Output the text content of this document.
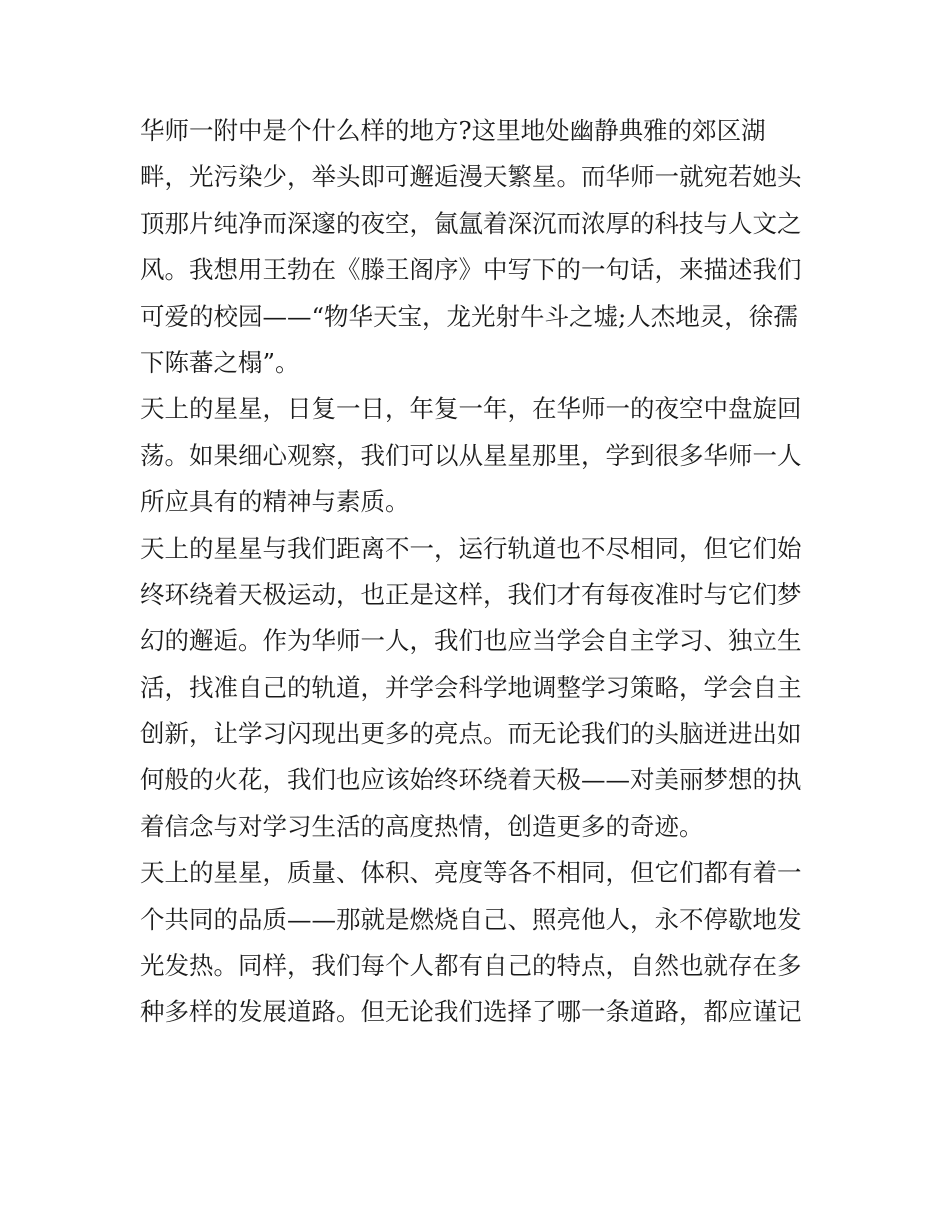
华师一附中是个什么样的地方?这里地处幽静典雅的郊区湖
畔，光污染少，举头即可邂逅漫天繁星。而华师一就宛若她头
顶那片纯净而深邃的夜空，氤氲着深沉而浓厚的科技与人文之
风。我想用王勃在《滕王阁序》中写下的一句话，来描述我们
可爱的校园——“物华天宝，龙光射牛斗之墟;人杰地灵，徐孺
下陈蕃之榻”。
天上的星星，日复一日，年复一年，在华师一的夜空中盘旋回
荡。如果细心观察，我们可以从星星那里，学到很多华师一人
所应具有的精神与素质。
天上的星星与我们距离不一，运行轨道也不尽相同，但它们始
终环绕着天极运动，也正是这样，我们才有每夜准时与它们梦
幻的邂逅。作为华师一人，我们也应当学会自主学习、独立生
活，找准自己的轨道，并学会科学地调整学习策略，学会自主
创新，让学习闪现出更多的亮点。而无论我们的头脑迸进出如
何般的火花，我们也应该始终环绕着天极——对美丽梦想的执
着信念与对学习生活的高度热情，创造更多的奇迹。
天上的星星，质量、体积、亮度等各不相同，但它们都有着一
个共同的品质——那就是燃烧自己、照亮他人，永不停歇地发
光发热。同样，我们每个人都有自己的特点，自然也就存在多
种多样的发展道路。但无论我们选择了哪一条道路，都应谨记
